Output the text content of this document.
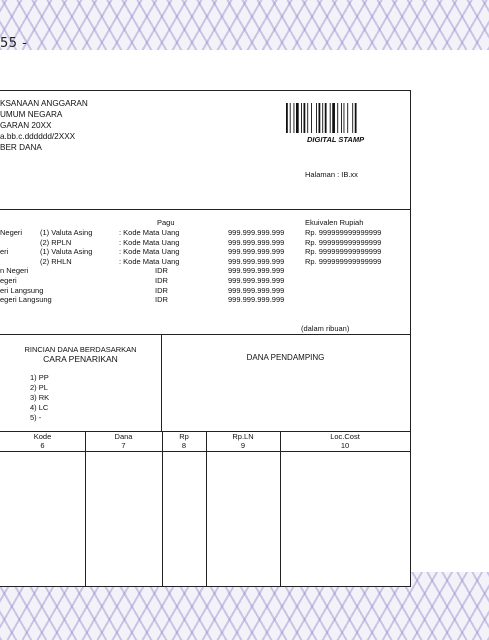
55 -
KSANAAN ANGGARAN
UMUM NEGARA
GARAN 20XX
a.bb.c.dddddd/2XXX
BER DANA
DIGITAL STAMP
Halaman : IB.xx
Pagu	Ekuivalen Rupiah
Negeri (1) Valuta Asing	: Kode Mata Uang	999.999.999.999	Rp. 999999999999999
(2) RPLN	: Kode Mata Uang	999.999.999.999	Rp. 999999999999999
eri	(1) Valuta Asing	: Kode Mata Uang	999.999.999.999	Rp. 999999999999999
(2) RHLN	: Kode Mata Uang	999.999.999.999	Rp. 999999999999999
n Negeri	IDR	999.999.999.999
egeri	IDR	999.999.999.999
eri Langsung	IDR	999.999.999.999
egeri Langsung	IDR	999.999.999.999
(dalam ribuan)
RINCIAN DANA BERDASARKAN
CARA PENARIKAN
1) PP
2) PL
3) RK
4) LC
5) -
DANA PENDAMPING
Kode	Dana	Rp	Rp.LN	Loc.Cost
6	7	8	9	10
